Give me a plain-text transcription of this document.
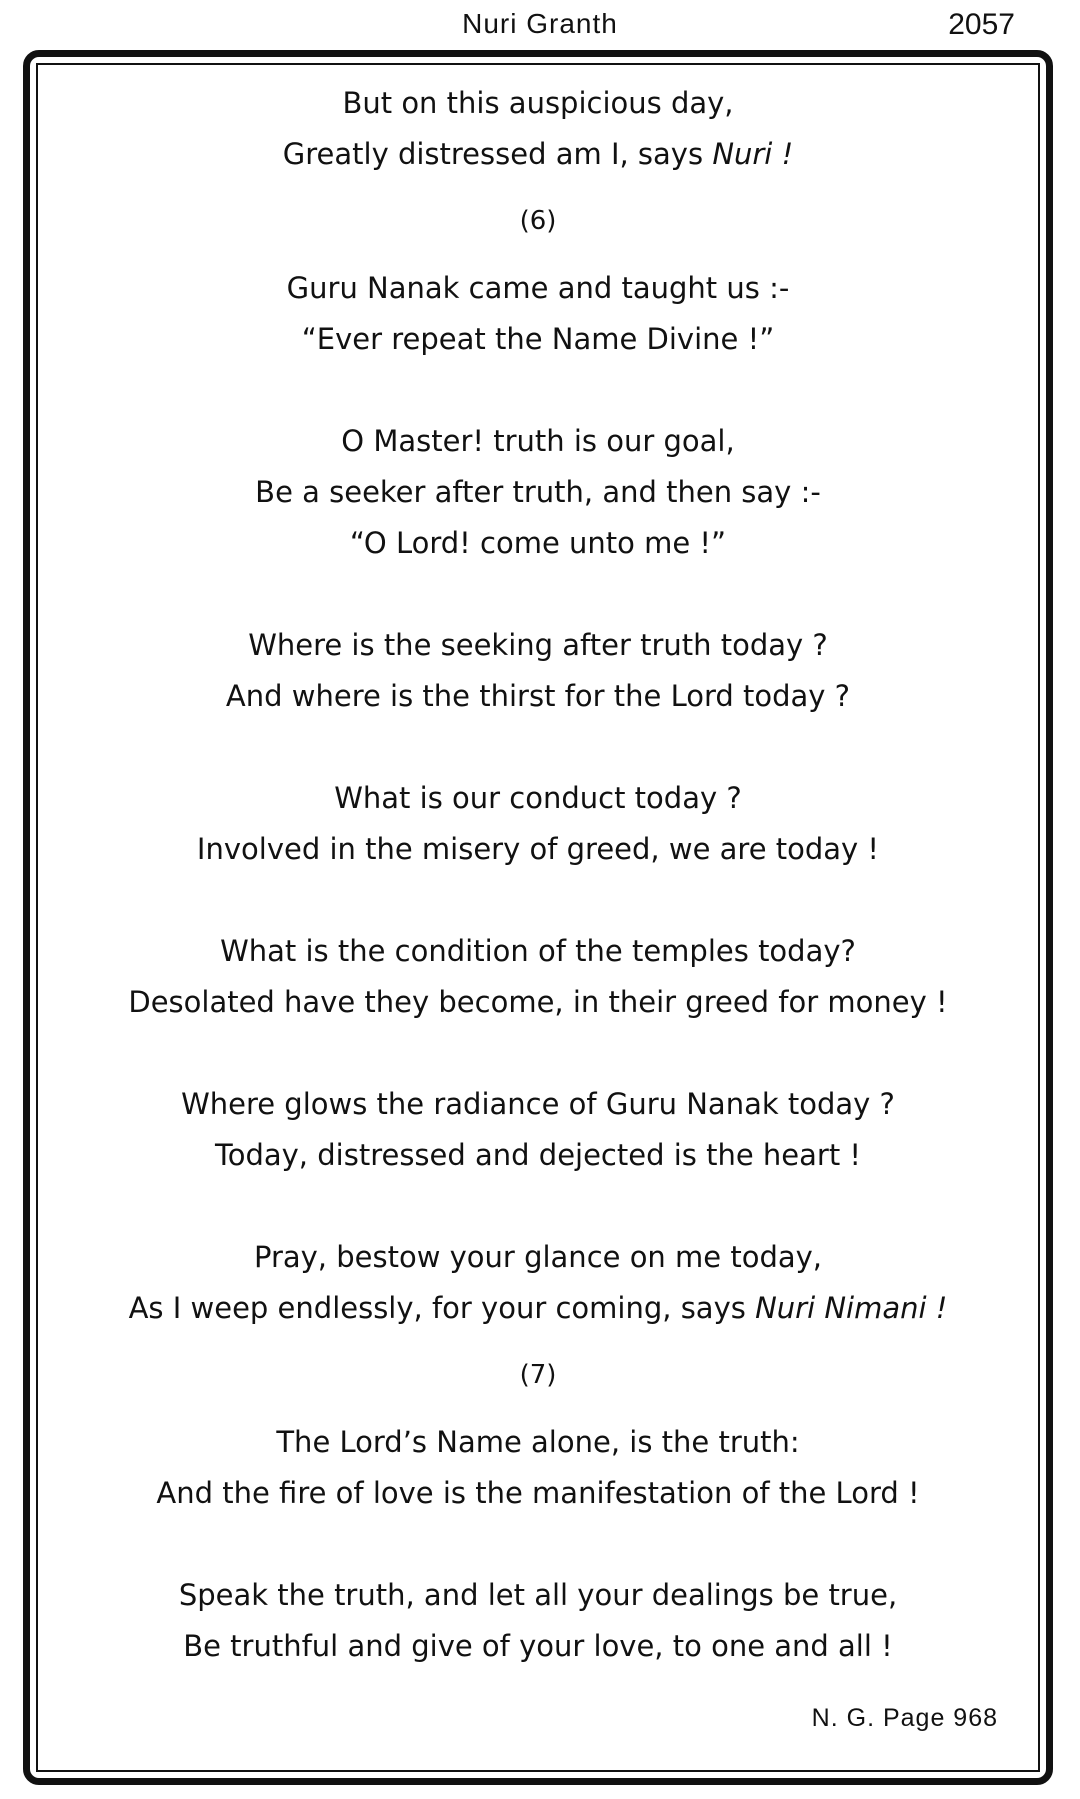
Nuri Granth	2057
But on this auspicious day,
Greatly distressed am I, says Nuri !
(6)
Guru Nanak came and taught us :-
“Ever repeat the Name Divine !”
O Master! truth is our goal,
Be a seeker after truth, and then say :-
“O Lord! come unto me !”
Where is the seeking after truth today ?
And where is the thirst for the Lord today ?
What is our conduct today ?
Involved in the misery of greed, we are today !
What is the condition of the temples today?
Desolated have they become, in their greed for money !
Where glows the radiance of Guru Nanak today ?
Today, distressed and dejected is the heart !
Pray, bestow your glance on me today,
As I weep endlessly, for your coming, says Nuri Nimani !
(7)
The Lord’s Name alone, is the truth:
And the fire of love is the manifestation of the Lord !
Speak the truth, and let all your dealings be true,
Be truthful and give of your love, to one and all !
N. G. Page 968
